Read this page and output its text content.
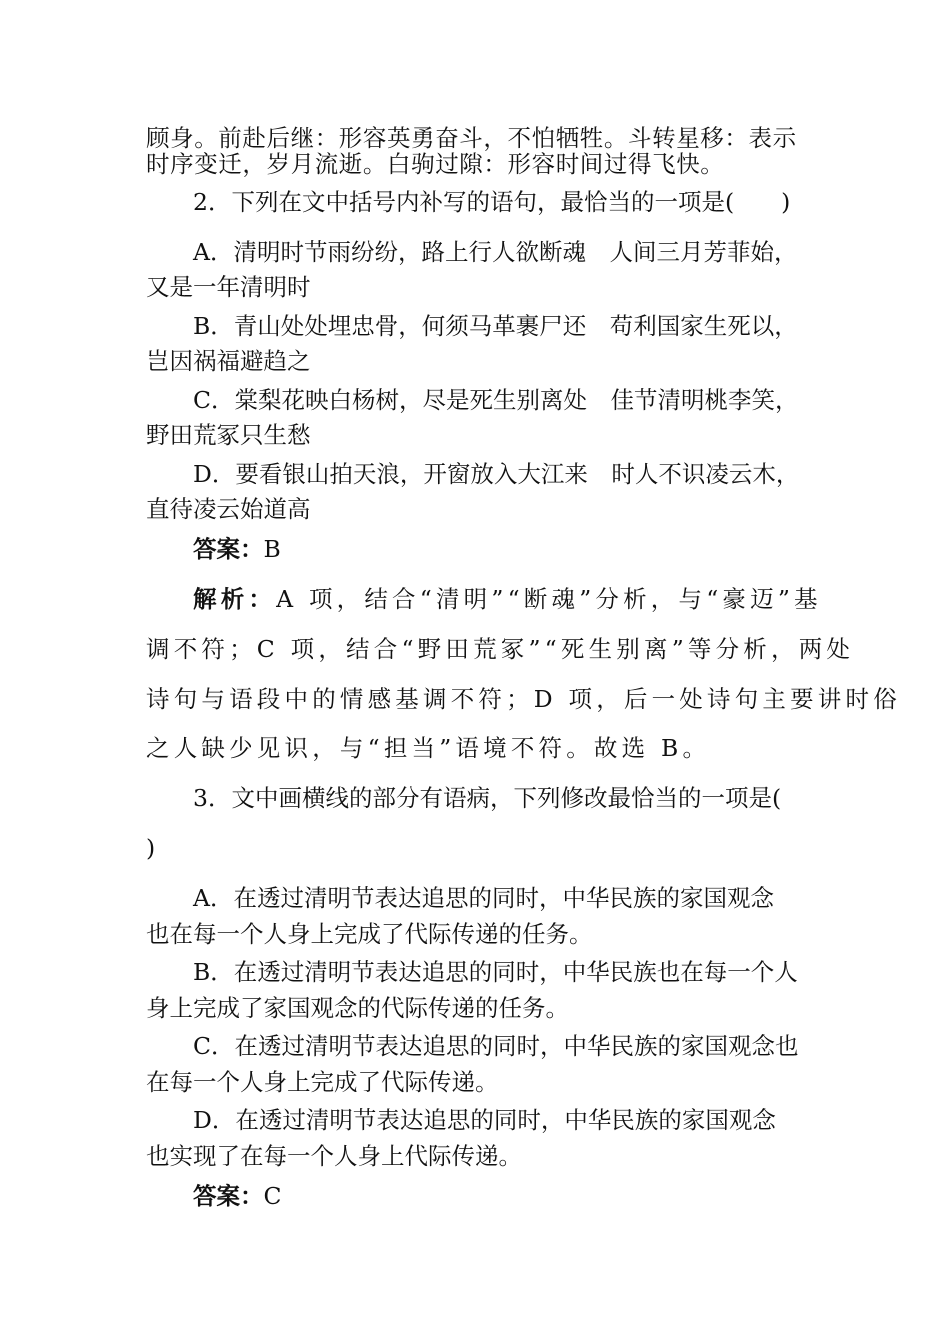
顾身。前赴后继：形容英勇奋斗，不怕牺牲。斗转星移：表示
时序变迁，岁月流逝。白驹过隙：形容时间过得飞快。
2．下列在文中括号内补写的语句，最恰当的一项是(　　)
A．清明时节雨纷纷，路上行人欲断魂　人间三月芳菲始，
又是一年清明时
B．青山处处埋忠骨，何须马革裹尸还　苟利国家生死以，
岂因祸福避趋之
C．棠梨花映白杨树，尽是死生别离处　佳节清明桃李笑，
野田荒冢只生愁
D．要看银山拍天浪，开窗放入大江来　时人不识凌云木，
直待凌云始道高
答案：B
解析：A 项，结合“清明”“断魂”分析，与“豪迈”基
调不符；C 项，结合“野田荒冢”“死生别离”等分析，两处
诗句与语段中的情感基调不符；D 项，后一处诗句主要讲时俗
之人缺少见识，与“担当”语境不符。故选 B。
3．文中画横线的部分有语病，下列修改最恰当的一项是(
)
A．在透过清明节表达追思的同时，中华民族的家国观念
也在每一个人身上完成了代际传递的任务。
B．在透过清明节表达追思的同时，中华民族也在每一个人
身上完成了家国观念的代际传递的任务。
C．在透过清明节表达追思的同时，中华民族的家国观念也
在每一个人身上完成了代际传递。
D．在透过清明节表达追思的同时，中华民族的家国观念
也实现了在每一个人身上代际传递。
答案：C
